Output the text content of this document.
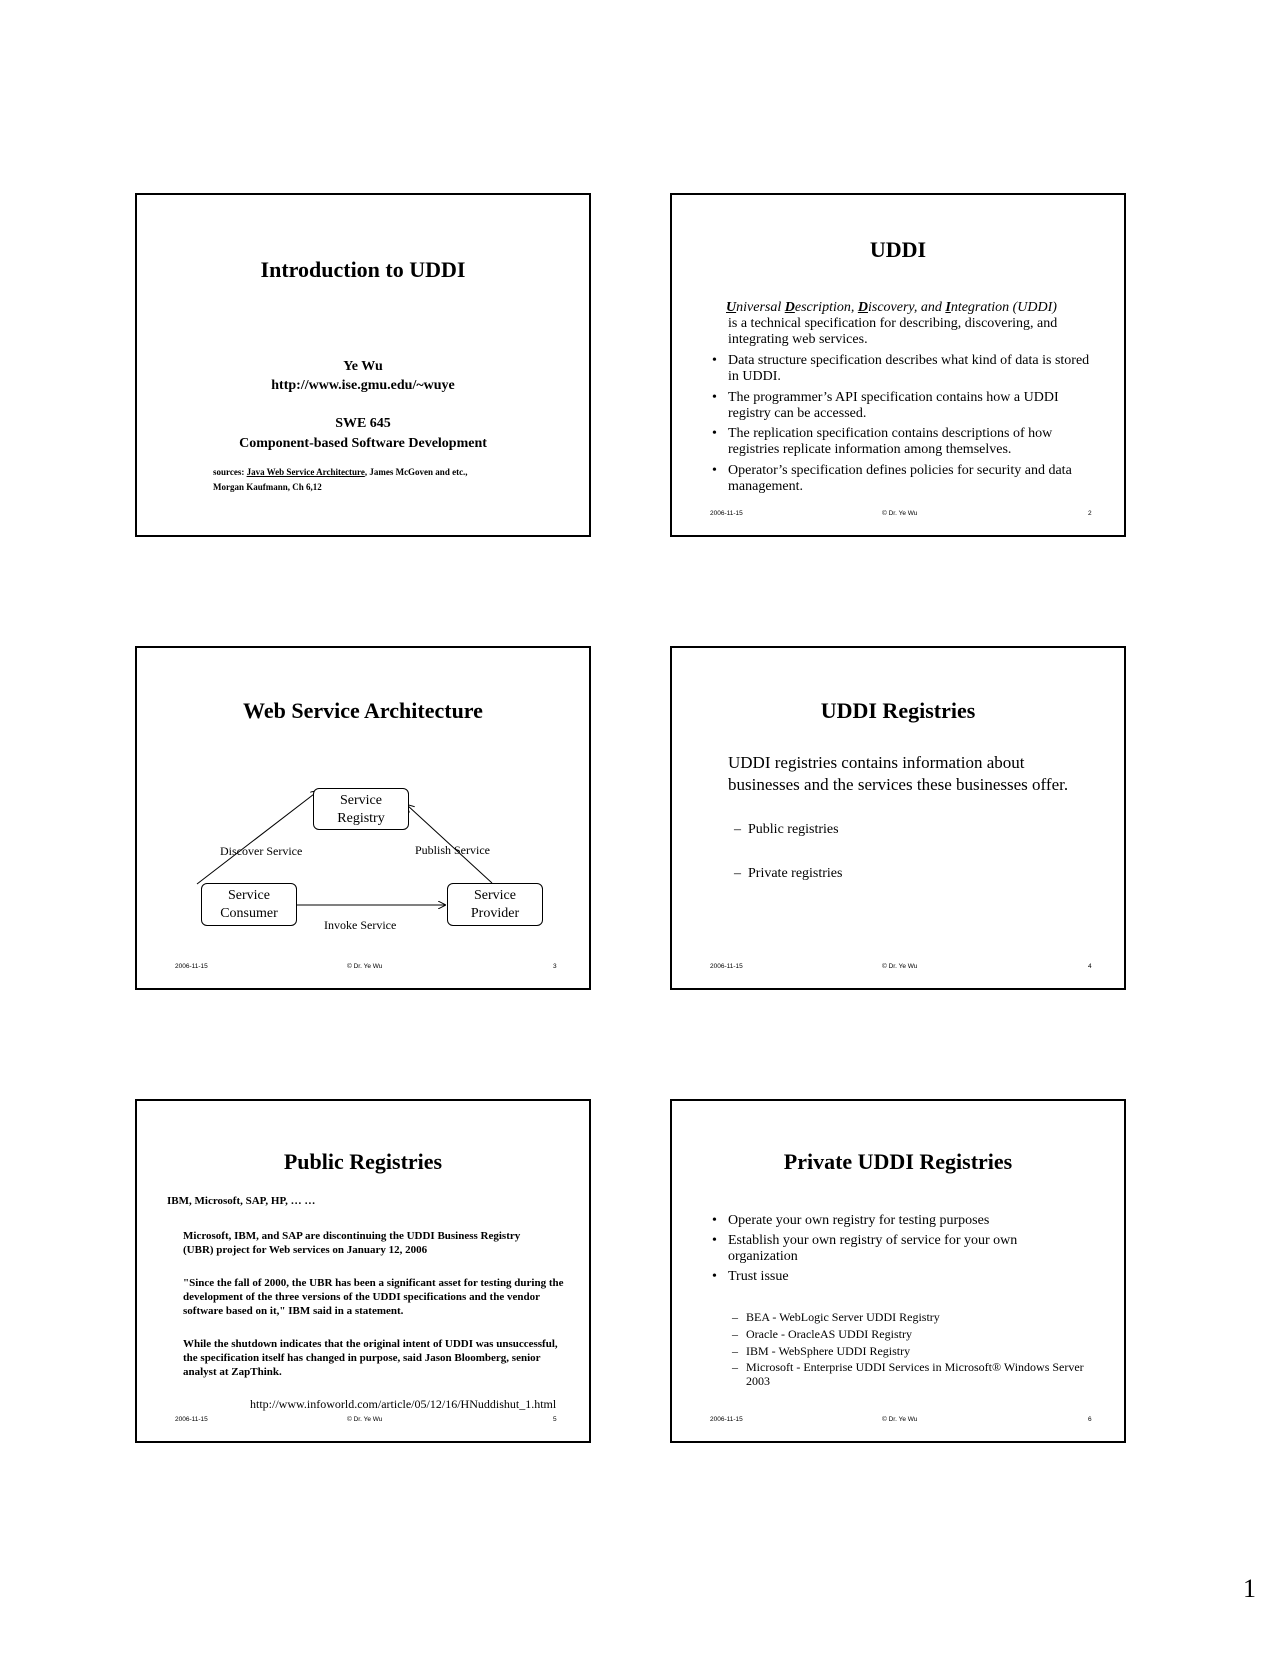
Introduction to UDDI
Ye Wu
http://www.ise.gmu.edu/~wuye
SWE 645
Component-based Software Development
sources: Java Web Service Architecture, James McGoven and etc.,
Morgan Kaufmann, Ch 6,12
UDDI
Universal Description, Discovery, and Integration (UDDI)
is a technical specification for describing, discovering, and integrating web services.
• Data structure specification describes what kind of data is stored in UDDI.
• The programmer’s API specification contains how a UDDI registry can be accessed.
• The replication specification contains descriptions of how registries replicate information among themselves.
• Operator’s specification defines policies for security and data management.
2006-11-15	© Dr. Ye Wu	2
Web Service Architecture
Service
Registry
Service
Consumer
Service
Provider
Discover Service	Publish Service
Invoke Service
2006-11-15	© Dr. Ye Wu	3
UDDI Registries
UDDI registries contains information about businesses and the services these businesses offer.
– Public registries
– Private registries
2006-11-15	© Dr. Ye Wu	4
Public Registries
IBM, Microsoft, SAP, HP, … …
Microsoft, IBM, and SAP are discontinuing the UDDI Business Registry (UBR) project for Web services on January 12, 2006
"Since the fall of 2000, the UBR has been a significant asset for testing during the development of the three versions of the UDDI specifications and the vendor software based on it," IBM said in a statement.
While the shutdown indicates that the original intent of UDDI was unsuccessful, the specification itself has changed in purpose, said Jason Bloomberg, senior analyst at ZapThink.
http://www.infoworld.com/article/05/12/16/HNuddishut_1.html
2006-11-15	© Dr. Ye Wu	5
Private UDDI Registries
• Operate your own registry for testing purposes
• Establish your own registry of service for your own organization
• Trust issue
– BEA - WebLogic Server UDDI Registry
– Oracle - OracleAS UDDI Registry
– IBM - WebSphere UDDI Registry
– Microsoft - Enterprise UDDI Services in Microsoft® Windows Server 2003
2006-11-15	© Dr. Ye Wu	6
1
